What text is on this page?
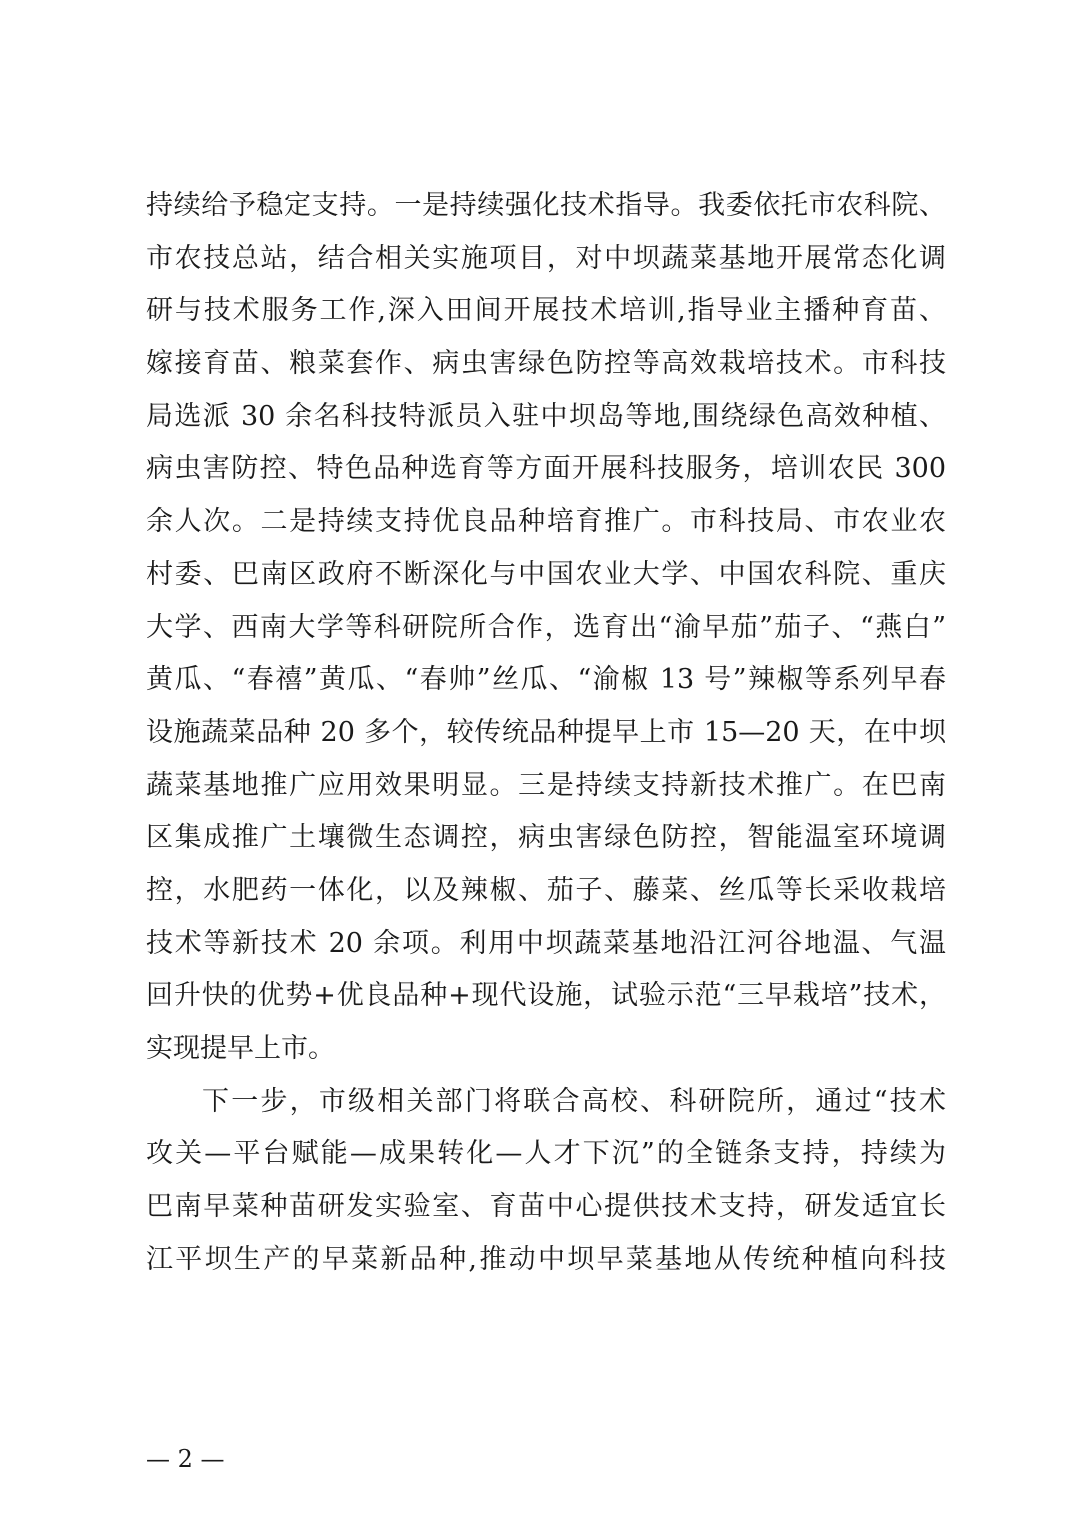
持续给予稳定支持。一是持续强化技术指导。我委依托市农科院、
市农技总站，结合相关实施项目，对中坝蔬菜基地开展常态化调
研与技术服务工作,深入田间开展技术培训,指导业主播种育苗、
嫁接育苗、粮菜套作、病虫害绿色防控等高效栽培技术。市科技
局选派 30 余名科技特派员入驻中坝岛等地,围绕绿色高效种植、
病虫害防控、特色品种选育等方面开展科技服务，培训农民 300
余人次。二是持续支持优良品种培育推广。市科技局、市农业农
村委、巴南区政府不断深化与中国农业大学、中国农科院、重庆
大学、西南大学等科研院所合作，选育出“渝早茄”茄子、“燕白”
黄瓜、“春禧”黄瓜、“春帅”丝瓜、“渝椒 13 号”辣椒等系列早春
设施蔬菜品种 20 多个，较传统品种提早上市 15—20 天，在中坝
蔬菜基地推广应用效果明显。三是持续支持新技术推广。在巴南
区集成推广土壤微生态调控，病虫害绿色防控，智能温室环境调
控，水肥药一体化，以及辣椒、茄子、藤菜、丝瓜等长采收栽培
技术等新技术 20 余项。利用中坝蔬菜基地沿江河谷地温、气温
回升快的优势+优良品种+现代设施，试验示范“三早栽培”技术，
实现提早上市。
下一步，市级相关部门将联合高校、科研院所，通过“技术
攻关—平台赋能—成果转化—人才下沉”的全链条支持，持续为
巴南早菜种苗研发实验室、育苗中心提供技术支持，研发适宜长
江平坝生产的早菜新品种,推动中坝早菜基地从传统种植向科技
— 2 —
